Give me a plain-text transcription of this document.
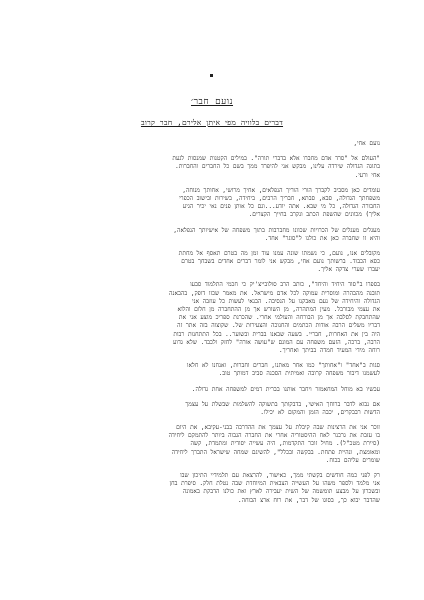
נועם חבר׳
דברים בלוויה מפי איתן אלירם, חבר קרוב
נועם אחי,
"העולם אל "סרד אדם מחברו אלא בדברי תורה". במילים הקטנות שמנסות לגעת
בתוגה הגדולה שירדה עלינו, מבקש אני להיפרד ממך בשם כל החברים והחברות.
אחי ורעי.
עומדים כאן מסביב לקברך הורי הוריך הנפלאים, אחיך מרושי, אחותך מנוחה,
משפחתך הגדולה, סבא, סבתא, חבריך הרבים, ביחידה, בשירות ובישוב הכפרי
החבורה הגדולה, כל מי שבא. אתה יודע...וגם כל אותן פנים נאי יכיר הגיע
אליך) מכוונים שהשפת הכתב ונקרב בחייך הקצרים.
מעגלים מעגלים של הכרויות שכוונו מחברבות בתוך משפחה של אישיותך הנפלאה,
והיא זו שחברה כאן את כולנו ל"סוגר" אחד.
מקובלים אנו, נועם, כי נשמתו שונה עמנו עוד זמן מה בטרם תאסף אל מחתת
כסא הכבוד. ברשותך נועם אחי, מבקש אני לומר דברים אחדים בשבחך בטרם
יעברו שערי צדקה אליך.
בספרו ב"סוד היחיד והיחד", כותב הרב סולובייצ'יק כי חכמי התלמוד סבעו
תובנה מהבהרה ומוסרית עמוקה לכל אדם מישראל. את מאמר שכזו דופק, בהבאנה
הגדולה והיחידה של נעם מאבקנו על הנסיבה. הבנאי לעשות כל עוזבה אני
את עצמי מבורבל. מעין המתהרה, מן השורש אך מן ההתחברה מן חלום והלוא
שהתחבקת לסלבה אך מן הבורחה והעולמי אחרי. שהכרנת ספריכ מוצע אני את
דבריו משלים הרבה אודות הכתמים והחנוכה והצעירות של. שקוצוה בזה אתר זה
היה בין את האחרות, חבריי. בשעה שבאנו בברית ובשוער.. בכל התתחנות רבות
הרבה, ברכה, הזעם משפחה עם המונם ש"עושה אורה" לחזק ולכבד. שלא גדוע
רוחה מידי המעיד חמדה בביתך ואחריך.
סגות ב"אחד" ו"אחותך" כמו אחר מאתנו, חברים וחברות, ואנחנו לא חלאו
לעשמנו דיבור משפחה קרובה ואמיתית הסכנה סביב דמותך טוב.
עכשיו בא מוחל המחאמזר ויחבר אותנו בברית דמים למשפחה אחת גדולה.
אם נבוא לדבר ברוחך האישי, בדבקותך בתשוקה להשלמות שבשלת על עצמך
הדשות רבבקרים, יכבה הזמן והמקום לא יכילו.
זוכר אני את הרצינות שבה קיבלת על עצמך את ההדרכה בבני-עקיבא, את היום
בו עזבת את גרכנר לאח ההיסטוריה אחרי את החברה הגבוה ביותר להתמקם ליחידה
(סיירת מטכ"ל). מחיל זוכר התקדמות, היה עשייה יסודית ומתמדת, קשה
ומאומצת, ונהיית פתחת. בבקשה ובכלל", להשיגם שמחה שישראל התברך ליחידה
שומרים עליהם בכוח.
רק לפני כמה חודשים בקשתי ממך, כאישור, להרצאת עם תלמידיי התיכון שבו
אני מלמד ולספר משהו על העשייה הצבאית המיוחדת שבה נטלת חלק. סיפרת בחן
ובשכרון על מבצע תומשמה של השית יעבירה לארץ ואת כולנו הדבקת באמונה
שהדבר יבוא כך, בסוגו של דבר, את רוח ארצ הבוחה.
